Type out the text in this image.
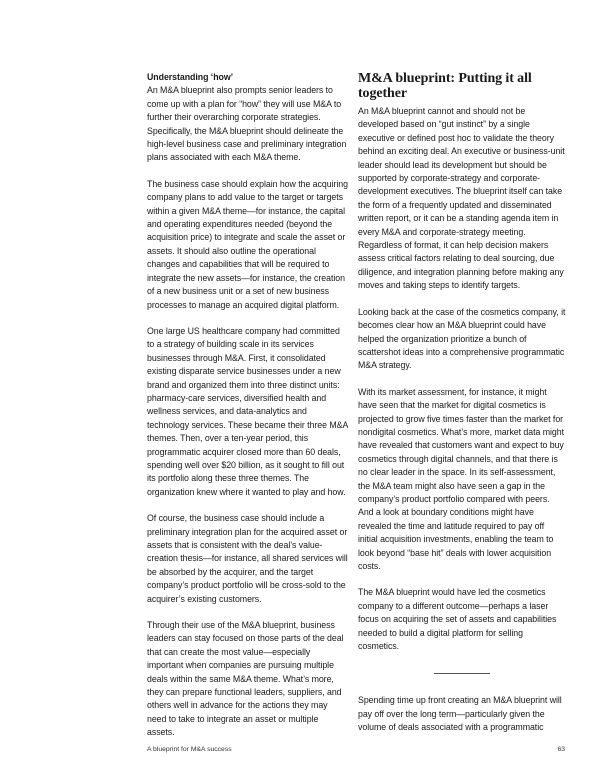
Understanding ‘how’

An M&A blueprint also prompts senior leaders to come up with a plan for “how” they will use M&A to further their overarching corporate strategies. Specifically, the M&A blueprint should delineate the high-level business case and preliminary integration plans associated with each M&A theme.

The business case should explain how the acquiring company plans to add value to the target or targets within a given M&A theme—for instance, the capital and operating expenditures needed (beyond the acquisition price) to integrate and scale the asset or assets. It should also outline the operational changes and capabilities that will be required to integrate the new assets—for instance, the creation of a new business unit or a set of new business processes to manage an acquired digital platform.

One large US healthcare company had committed to a strategy of building scale in its services businesses through M&A. First, it consolidated existing disparate service businesses under a new brand and organized them into three distinct units: pharmacy-care services, diversified health and wellness services, and data-analytics and technology services. These became their three M&A themes. Then, over a ten-year period, this programmatic acquirer closed more than 60 deals, spending well over $20 billion, as it sought to fill out its portfolio along these three themes. The organization knew where it wanted to play and how.

Of course, the business case should include a preliminary integration plan for the acquired asset or assets that is consistent with the deal’s value-creation thesis—for instance, all shared services will be absorbed by the acquirer, and the target company’s product portfolio will be cross-sold to the acquirer’s existing customers.

Through their use of the M&A blueprint, business leaders can stay focused on those parts of the deal that can create the most value—especially important when companies are pursuing multiple deals within the same M&A theme. What’s more, they can prepare functional leaders, suppliers, and others well in advance for the actions they may need to take to integrate an asset or multiple assets.

M&A blueprint: Putting it all together

An M&A blueprint cannot and should not be developed based on “gut instinct” by a single executive or defined post hoc to validate the theory behind an exciting deal. An executive or business-unit leader should lead its development but should be supported by corporate-strategy and corporate-development executives. The blueprint itself can take the form of a frequently updated and disseminated written report, or it can be a standing agenda item in every M&A and corporate-strategy meeting. Regardless of format, it can help decision makers assess critical factors relating to deal sourcing, due diligence, and integration planning before making any moves and taking steps to identify targets.

Looking back at the case of the cosmetics company, it becomes clear how an M&A blueprint could have helped the organization prioritize a bunch of scattershot ideas into a comprehensive programmatic M&A strategy.

With its market assessment, for instance, it might have seen that the market for digital cosmetics is projected to grow five times faster than the market for nondigital cosmetics. What’s more, market data might have revealed that customers want and expect to buy cosmetics through digital channels, and that there is no clear leader in the space. In its self-assessment, the M&A team might also have seen a gap in the company’s product portfolio compared with peers. And a look at boundary conditions might have revealed the time and latitude required to pay off initial acquisition investments, enabling the team to look beyond “base hit” deals with lower acquisition costs.

The M&A blueprint would have led the cosmetics company to a different outcome—perhaps a laser focus on acquiring the set of assets and capabilities needed to build a digital platform for selling cosmetics.

Spending time up front creating an M&A blueprint will pay off over the long term—particularly given the volume of deals associated with a programmatic

A blueprint for M&A success	63
